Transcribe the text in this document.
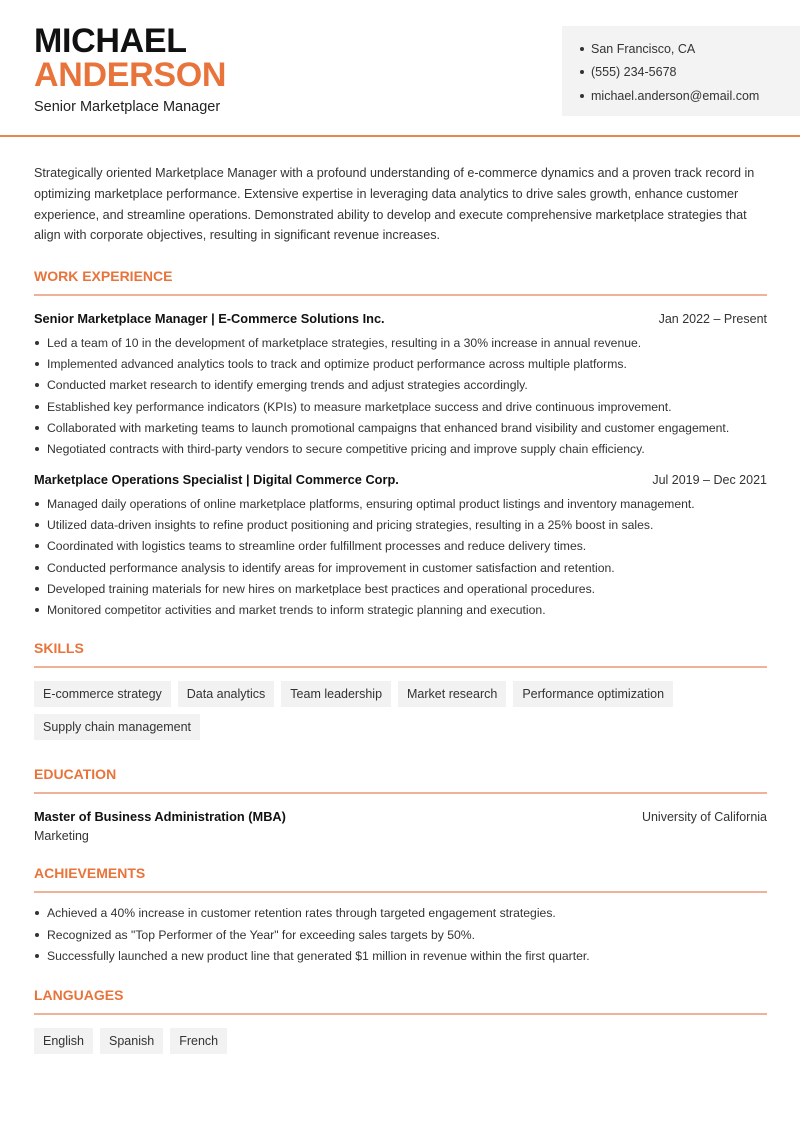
MICHAEL
ANDERSON
Senior Marketplace Manager
San Francisco, CA
(555) 234-5678
michael.anderson@email.com

Strategically oriented Marketplace Manager with a profound understanding of e-commerce dynamics and a proven track record in optimizing marketplace performance. Extensive expertise in leveraging data analytics to drive sales growth, enhance customer experience, and streamline operations. Demonstrated ability to develop and execute comprehensive marketplace strategies that align with corporate objectives, resulting in significant revenue increases.

WORK EXPERIENCE
Senior Marketplace Manager | E-Commerce Solutions Inc.	Jan 2022 – Present
Led a team of 10 in the development of marketplace strategies, resulting in a 30% increase in annual revenue.
Implemented advanced analytics tools to track and optimize product performance across multiple platforms.
Conducted market research to identify emerging trends and adjust strategies accordingly.
Established key performance indicators (KPIs) to measure marketplace success and drive continuous improvement.
Collaborated with marketing teams to launch promotional campaigns that enhanced brand visibility and customer engagement.
Negotiated contracts with third-party vendors to secure competitive pricing and improve supply chain efficiency.
Marketplace Operations Specialist | Digital Commerce Corp.	Jul 2019 – Dec 2021
Managed daily operations of online marketplace platforms, ensuring optimal product listings and inventory management.
Utilized data-driven insights to refine product positioning and pricing strategies, resulting in a 25% boost in sales.
Coordinated with logistics teams to streamline order fulfillment processes and reduce delivery times.
Conducted performance analysis to identify areas for improvement in customer satisfaction and retention.
Developed training materials for new hires on marketplace best practices and operational procedures.
Monitored competitor activities and market trends to inform strategic planning and execution.
SKILLS
E-commerce strategy	Data analytics	Team leadership	Market research	Performance optimization
Supply chain management
EDUCATION
Master of Business Administration (MBA)	University of California
Marketing
ACHIEVEMENTS
Achieved a 40% increase in customer retention rates through targeted engagement strategies.
Recognized as "Top Performer of the Year" for exceeding sales targets by 50%.
Successfully launched a new product line that generated $1 million in revenue within the first quarter.
LANGUAGES
English	Spanish	French
